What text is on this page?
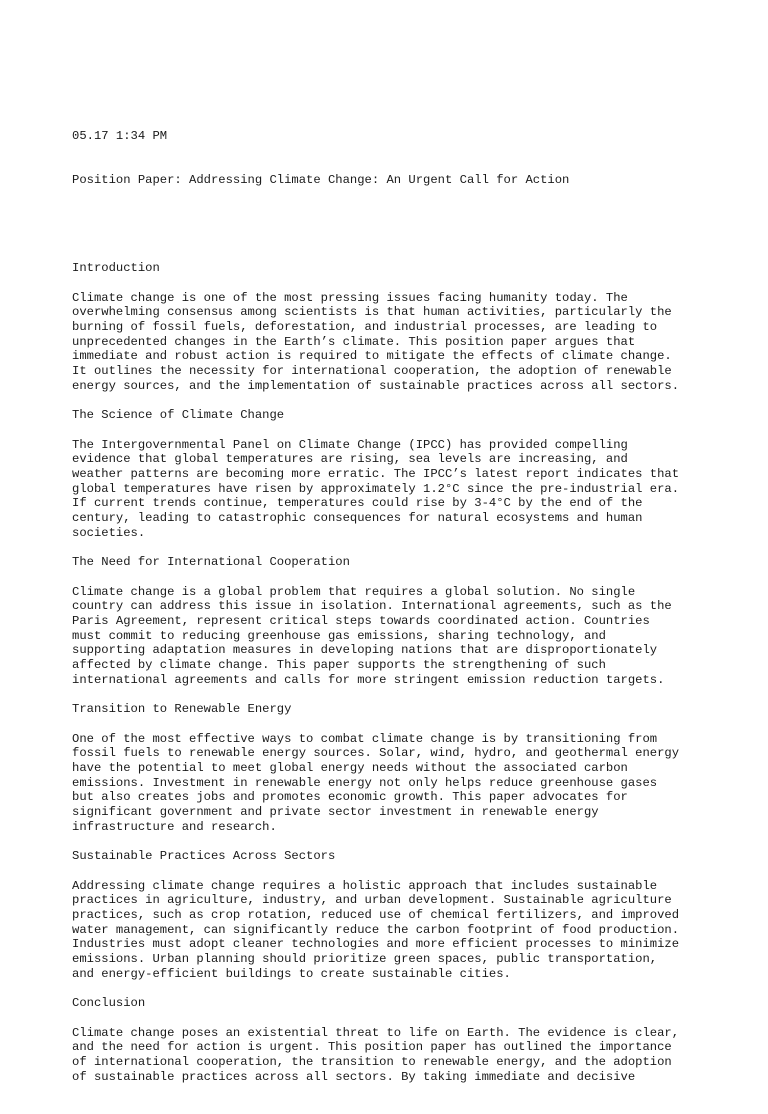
05.17 1:34 PM

Position Paper: Addressing Climate Change: An Urgent Call for Action

Introduction
Climate change is one of the most pressing issues facing humanity today. The
overwhelming consensus among scientists is that human activities, particularly the
burning of fossil fuels, deforestation, and industrial processes, are leading to
unprecedented changes in the Earth’s climate. This position paper argues that
immediate and robust action is required to mitigate the effects of climate change.
It outlines the necessity for international cooperation, the adoption of renewable
energy sources, and the implementation of sustainable practices across all sectors.
The Science of Climate Change
The Intergovernmental Panel on Climate Change (IPCC) has provided compelling
evidence that global temperatures are rising, sea levels are increasing, and
weather patterns are becoming more erratic. The IPCC’s latest report indicates that
global temperatures have risen by approximately 1.2°C since the pre-industrial era.
If current trends continue, temperatures could rise by 3-4°C by the end of the
century, leading to catastrophic consequences for natural ecosystems and human
societies.
The Need for International Cooperation
Climate change is a global problem that requires a global solution. No single
country can address this issue in isolation. International agreements, such as the
Paris Agreement, represent critical steps towards coordinated action. Countries
must commit to reducing greenhouse gas emissions, sharing technology, and
supporting adaptation measures in developing nations that are disproportionately
affected by climate change. This paper supports the strengthening of such
international agreements and calls for more stringent emission reduction targets.
Transition to Renewable Energy
One of the most effective ways to combat climate change is by transitioning from
fossil fuels to renewable energy sources. Solar, wind, hydro, and geothermal energy
have the potential to meet global energy needs without the associated carbon
emissions. Investment in renewable energy not only helps reduce greenhouse gases
but also creates jobs and promotes economic growth. This paper advocates for
significant government and private sector investment in renewable energy
infrastructure and research.
Sustainable Practices Across Sectors
Addressing climate change requires a holistic approach that includes sustainable
practices in agriculture, industry, and urban development. Sustainable agriculture
practices, such as crop rotation, reduced use of chemical fertilizers, and improved
water management, can significantly reduce the carbon footprint of food production.
Industries must adopt cleaner technologies and more efficient processes to minimize
emissions. Urban planning should prioritize green spaces, public transportation,
and energy-efficient buildings to create sustainable cities.
Conclusion
Climate change poses an existential threat to life on Earth. The evidence is clear,
and the need for action is urgent. This position paper has outlined the importance
of international cooperation, the transition to renewable energy, and the adoption
of sustainable practices across all sectors. By taking immediate and decisive
